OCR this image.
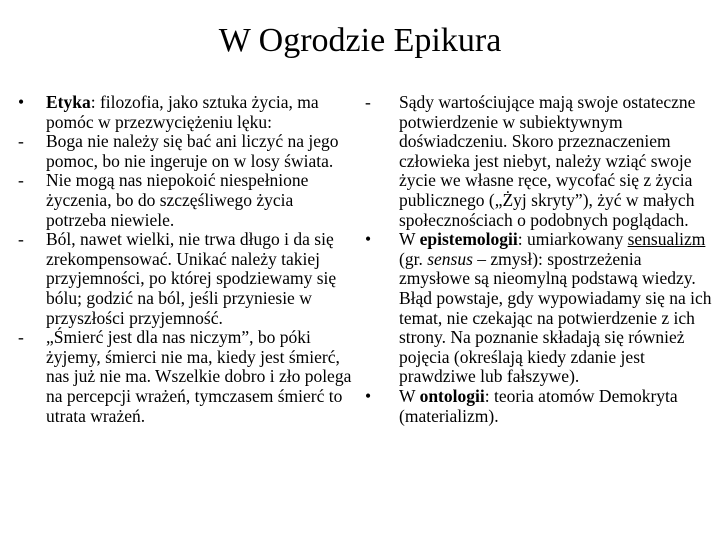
W Ogrodzie Epikura
• Etyka: filozofia, jako sztuka życia, ma pomóc w przezwyciężeniu lęku:
- Boga nie należy się bać ani liczyć na jego pomoc, bo nie ingeruje on w losy świata.
- Nie mogą nas niepokoić niespełnione życzenia, bo do szczęśliwego życia potrzeba niewiele.
- Ból, nawet wielki, nie trwa długo i da się zrekompensować. Unikać należy takiej przyjemności, po której spodziewamy się bólu; godzić na ból, jeśli przyniesie w przyszłości przyjemność.
- „Śmierć jest dla nas niczym”, bo póki żyjemy, śmierci nie ma, kiedy jest śmierć, nas już nie ma. Wszelkie dobro i zło polega na percepcji wrażeń, tymczasem śmierć to utrata wrażeń.
- Sądy wartościujące mają swoje ostateczne potwierdzenie w subiektywnym doświadczeniu. Skoro przeznaczeniem człowieka jest niebyt, należy wziąć swoje życie we własne ręce, wycofać się z życia publicznego („Żyj skryty”), żyć w małych społecznościach o podobnych poglądach.
• W epistemologii: umiarkowany sensualizm (gr. sensus – zmysł): spostrzeżenia zmysłowe są nieomylną podstawą wiedzy. Błąd powstaje, gdy wypowiadamy się na ich temat, nie czekając na potwierdzenie z ich strony. Na poznanie składają się również pojęcia (określają kiedy zdanie jest prawdziwe lub fałszywe).
• W ontologii: teoria atomów Demokryta (materializm).
